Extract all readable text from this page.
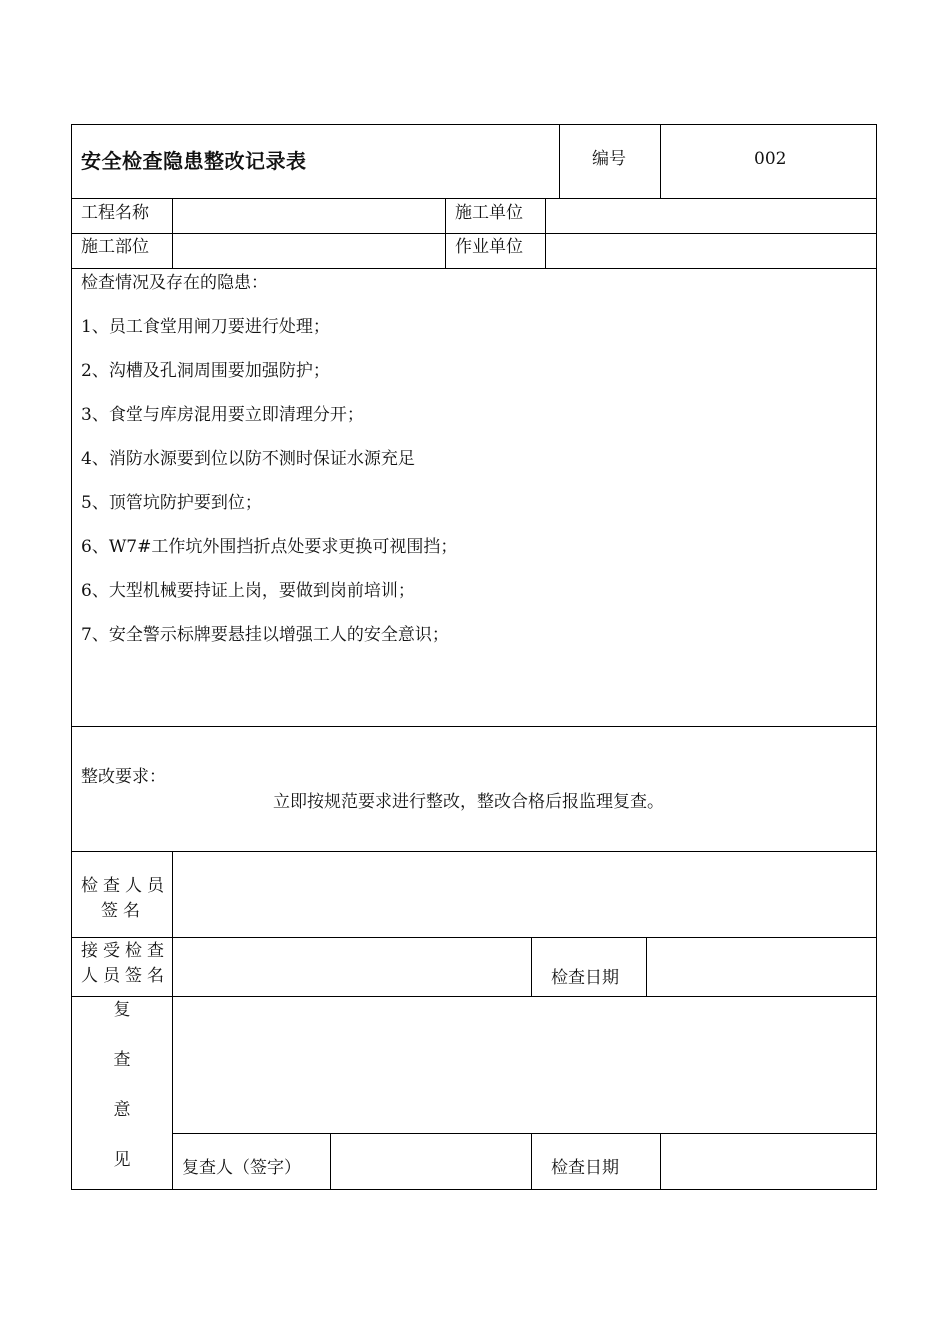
安全检查隐患整改记录表	编号	002
工程名称	施工单位
施工部位	作业单位
检查情况及存在的隐患：
1、员工食堂用闸刀要进行处理；
2、沟槽及孔洞周围要加强防护；
3、食堂与库房混用要立即清理分开；
4、消防水源要到位以防不测时保证水源充足
5、顶管坑防护要到位；
6、W7#工作坑外围挡折点处要求更换可视围挡；
6、大型机械要持证上岗，要做到岗前培训；
7、安全警示标牌要悬挂以增强工人的安全意识；
整改要求：
立即按规范要求进行整改，整改合格后报监理复查。
检查人员
签名
接受检查
人员签名	检查日期
复
查
意
见	复查人（签字）	检查日期
